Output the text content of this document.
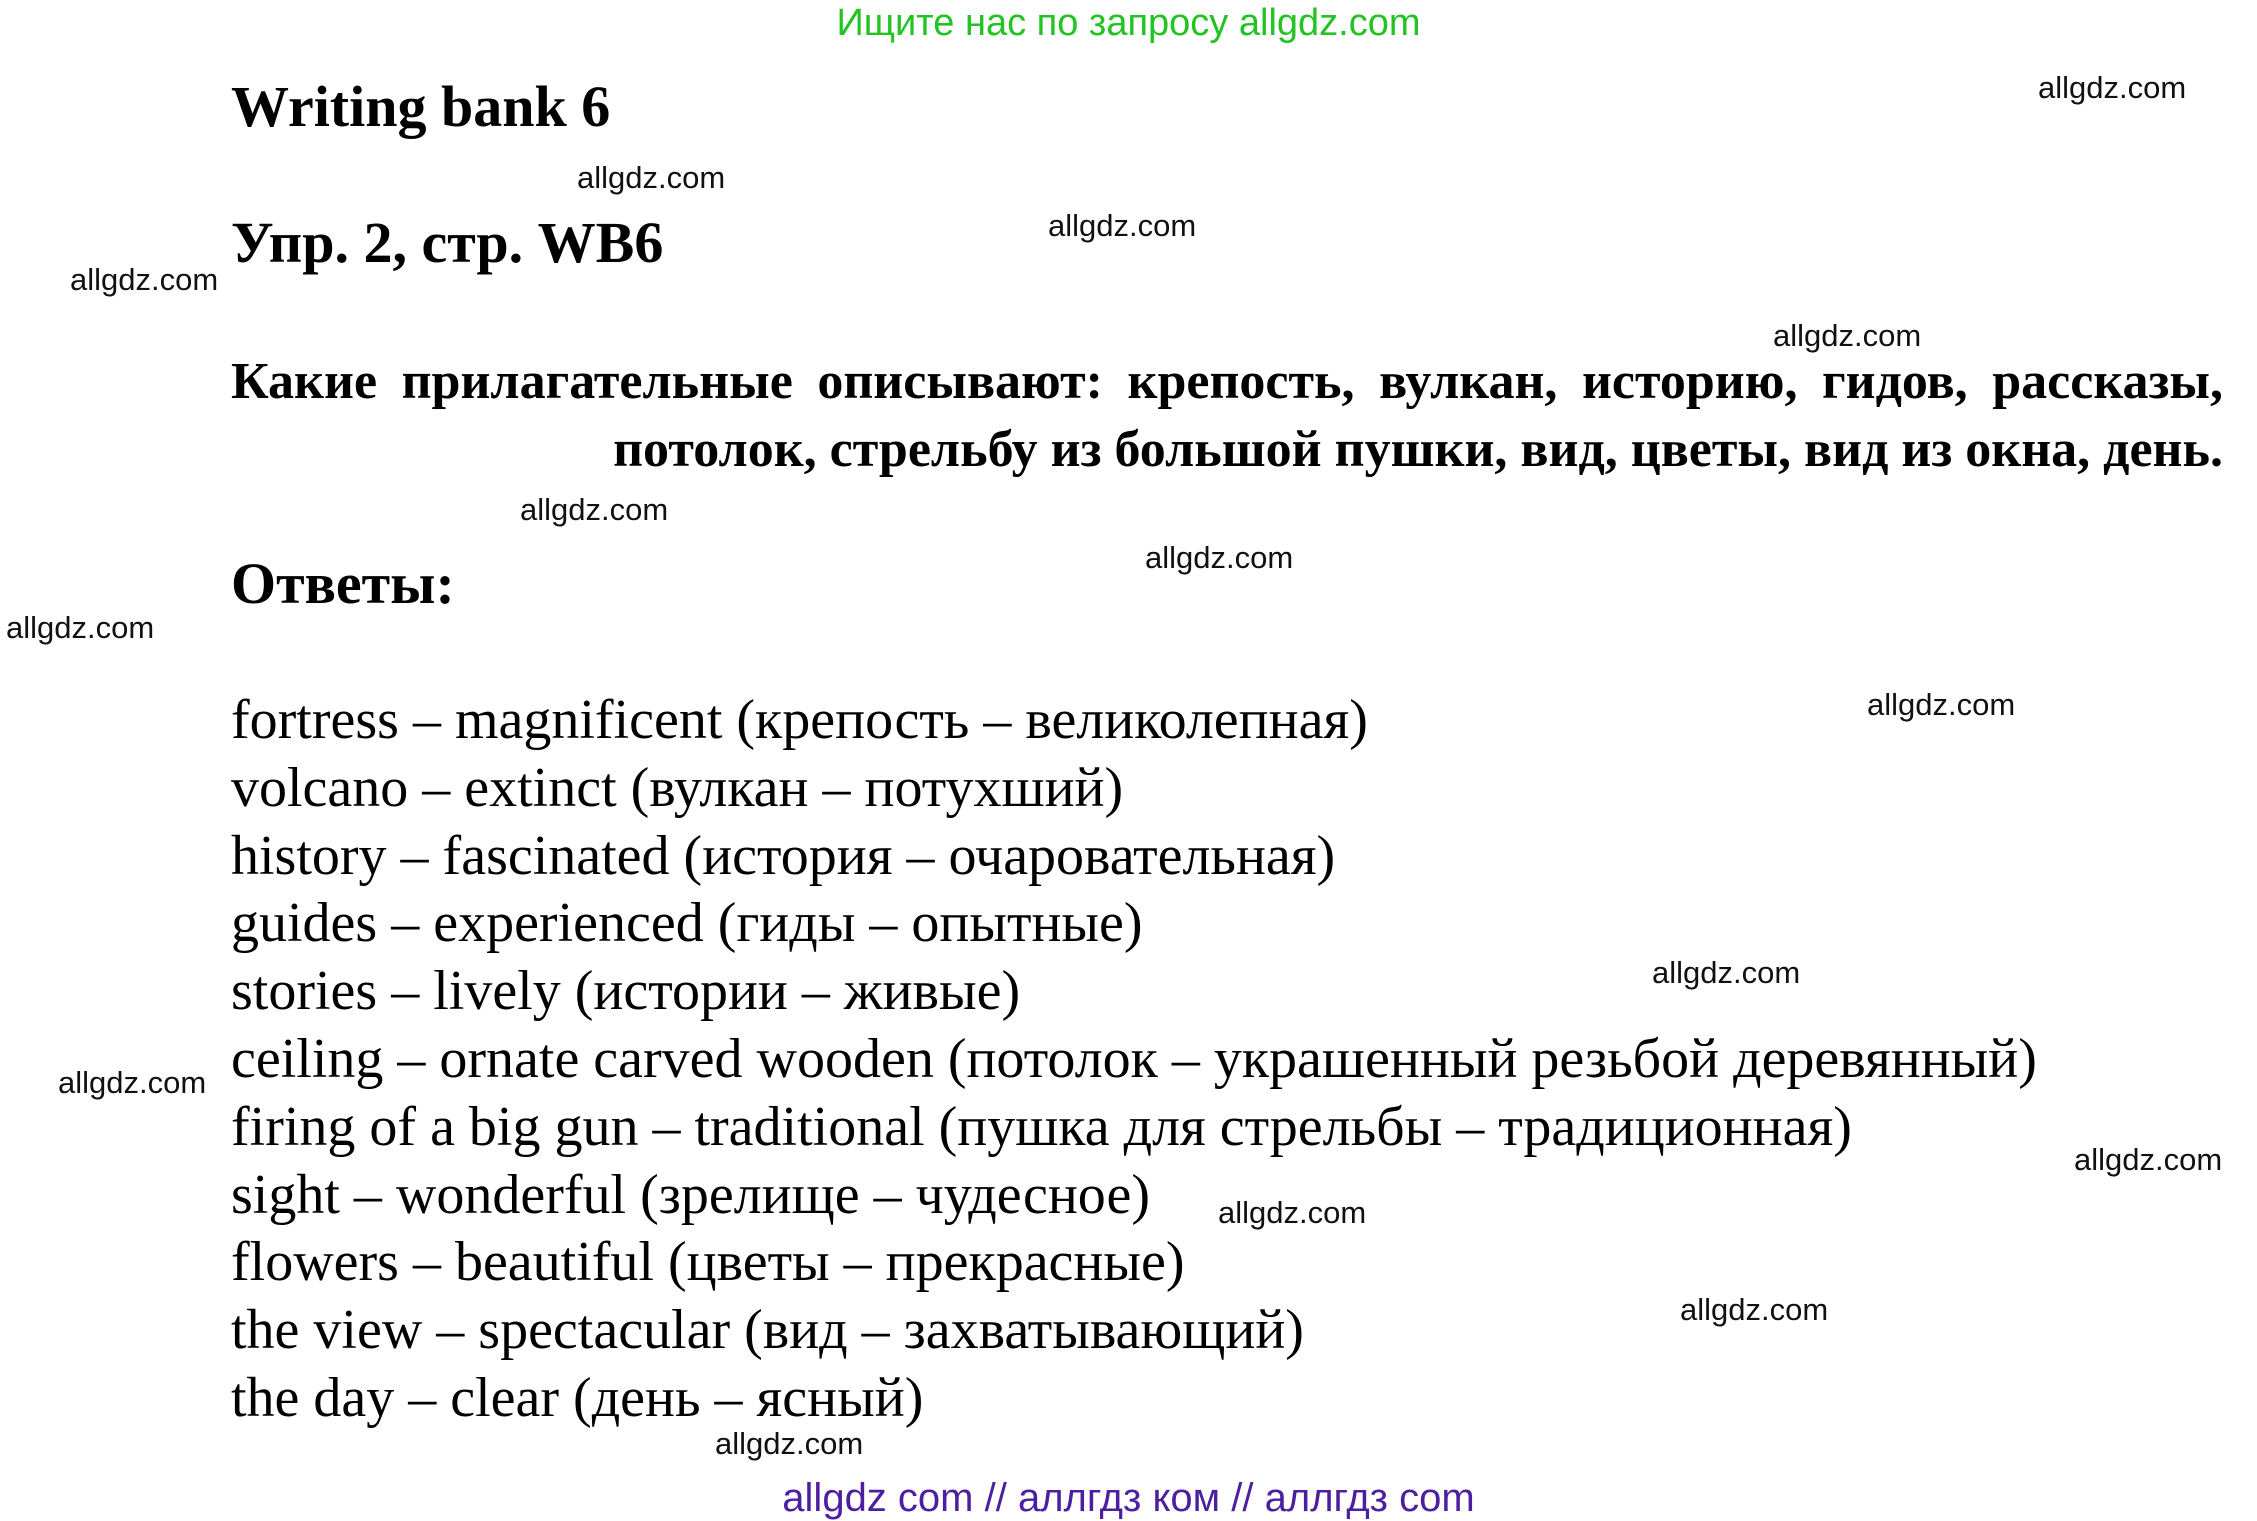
Ищите нас по запросу allgdz.com
Writing bank 6
Упр. 2, стр. WB6
Какие прилагательные описывают: крепость, вулкан, историю, гидов, рассказы, потолок, стрельбу из большой пушки, вид, цветы, вид из окна, день.
Ответы:
fortress – magnificent (крепость – великолепная)
volcano – extinct (вулкан – потухший)
history – fascinated (история – очаровательная)
guides – experienced (гиды – опытные)
stories – lively (истории – живые)
ceiling – ornate carved wooden (потолок – украшенный резьбой деревянный)
firing of a big gun – traditional (пушка для стрельбы – традиционная)
sight – wonderful (зрелище – чудесное)
flowers – beautiful (цветы – прекрасные)
the view – spectacular (вид – захватывающий)
the day – clear (день – ясный)
allgdz.com
allgdz.com
allgdz.com
allgdz.com
allgdz.com
allgdz.com
allgdz.com
allgdz.com
allgdz.com
allgdz.com
allgdz.com
allgdz.com
allgdz.com
allgdz.com
allgdz.com
allgdz com // аллгдз ком // аллгдз com
